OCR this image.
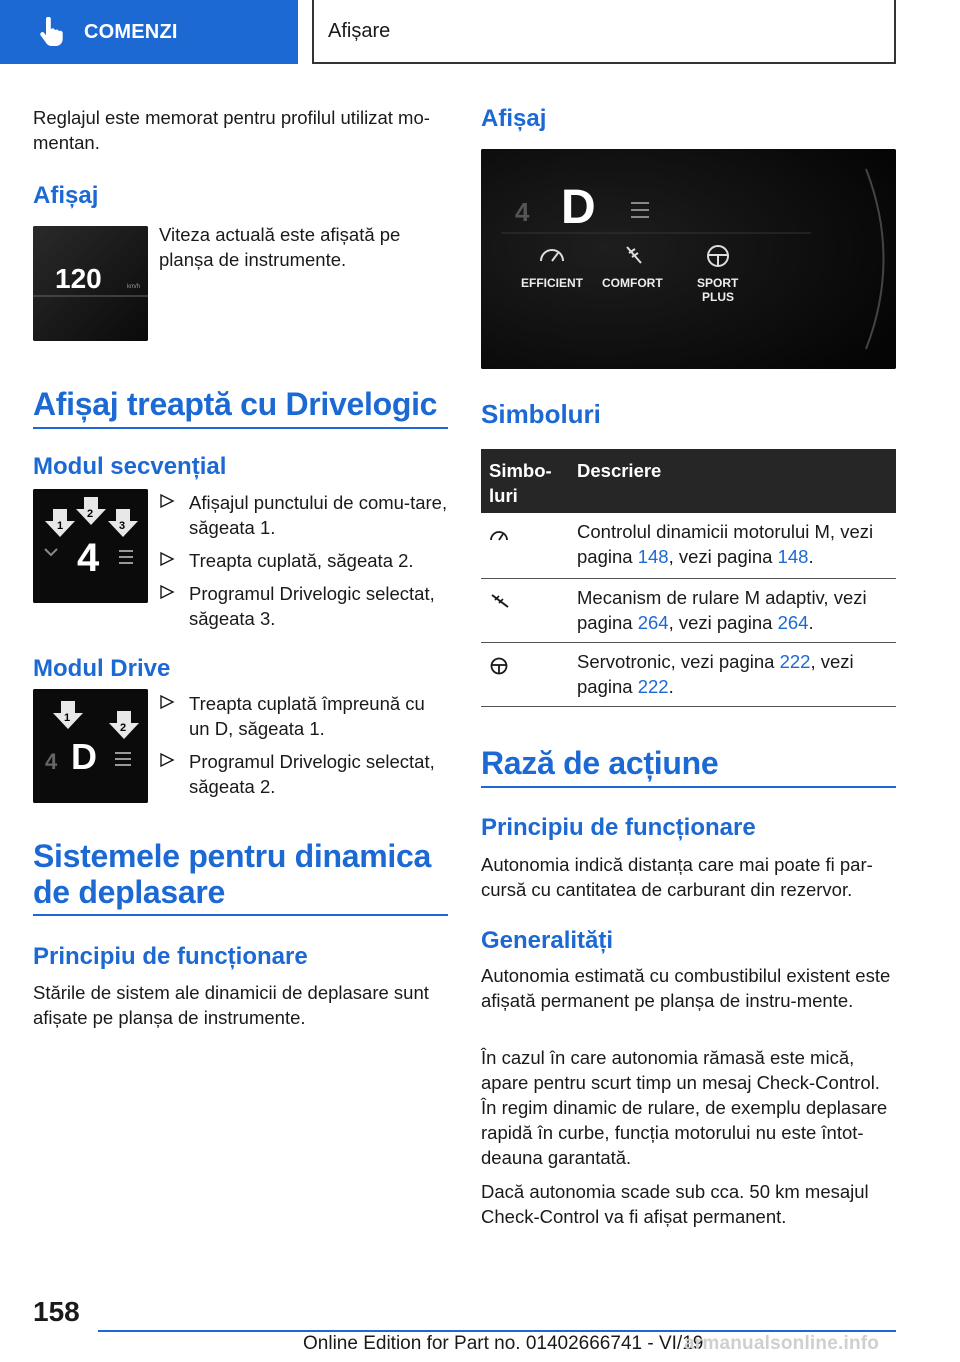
COMENZI	Afișare
Reglajul este memorat pentru profilul utilizat mo-mentan.
Afișaj
120	km/h
Viteza actuală este afișată pe planșa de instrumente.
Afișaj treaptă cu Drivelogic
Modul secvențial
1
2
3
4
Afișajul punctului de comu-tare, săgeata 1.
Treapta cuplată, săgeata 2.
Programul Drivelogic selectat, săgeata 3.
Modul Drive
1
2
4 D
Treapta cuplată împreună cu un D, săgeata 1.
Programul Drivelogic selectat, săgeata 2.
Sistemele pentru dinamica de deplasare
Principiu de funcționare
Stările de sistem ale dinamicii de deplasare sunt afișate pe planșa de instrumente.
Afișaj
4 D
EFFICIENT COMFORT	SPORT
PLUS
Simboluri
Simbo-luri
Descriere
Controlul dinamicii motorului M, vezi pagina 148, vezi pagina 148.
Mecanism de rulare M adaptiv, vezi pagina 264, vezi pagina 264.
Servotronic, vezi pagina 222, vezi pagina 222.
Rază de acțiune
Principiu de funcționare
Autonomia indică distanța care mai poate fi par-cursă cu cantitatea de carburant din rezervor.
Generalități
Autonomia estimată cu combustibilul existent este afișată permanent pe planșa de instru-mente.
În cazul în care autonomia rămasă este mică, apare pentru scurt timp un mesaj Check-Control. În regim dinamic de rulare, de exemplu deplasare rapidă în curbe, funcția motorului nu este întot-deauna garantată.
Dacă autonomia scade sub cca. 50 km mesajul Check-Control va fi afișat permanent.
158
Online Edition for Part no. 01402666741 - VI/19
armanualsonline.info
